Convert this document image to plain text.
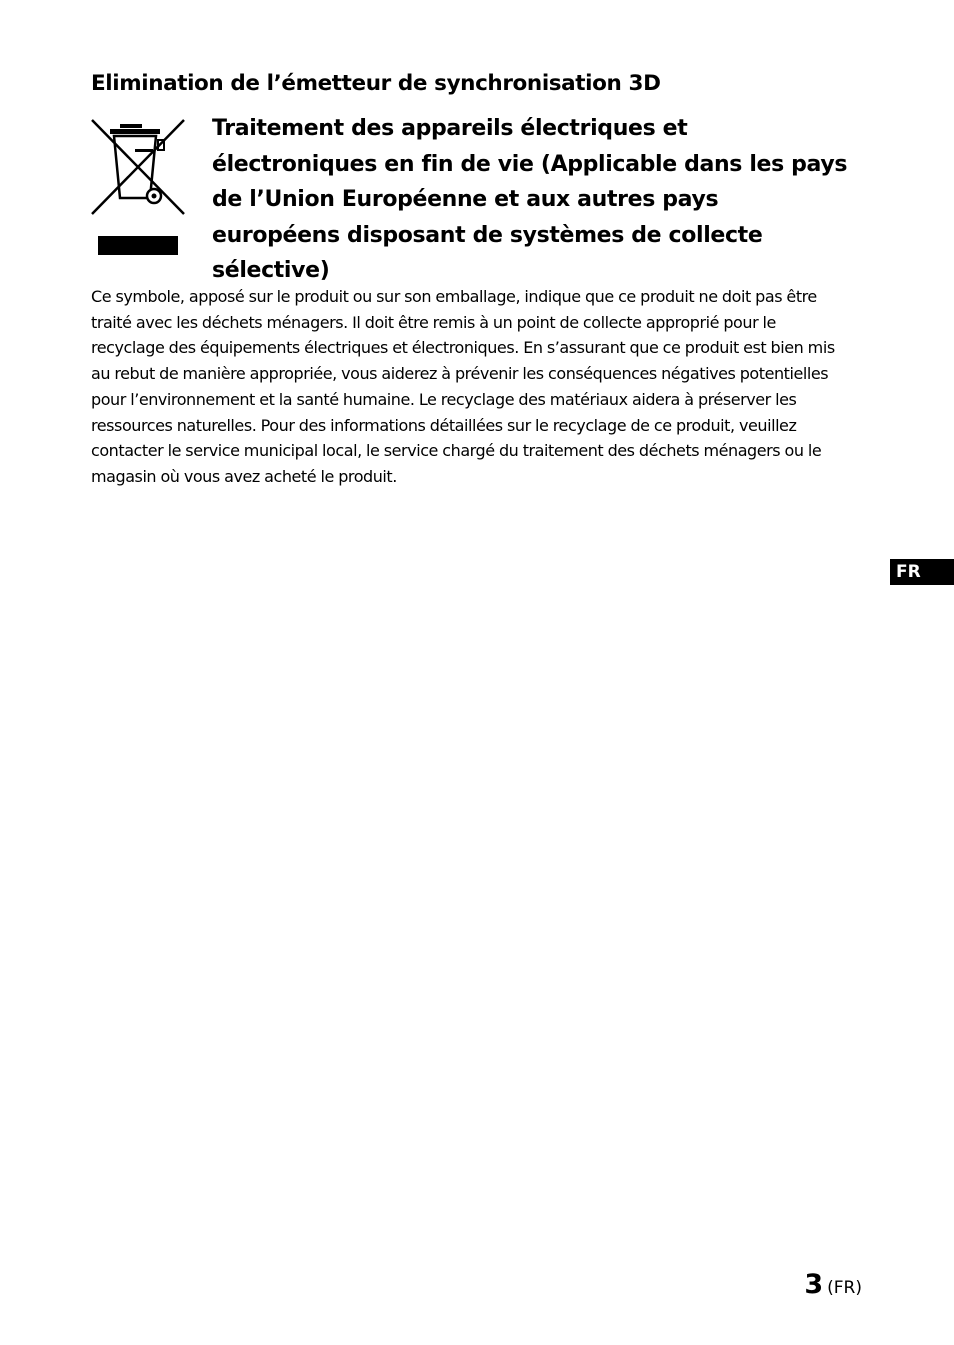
Elimination de l’émetteur de synchronisation 3D
Traitement des appareils électriques et électroniques en fin de vie (Applicable dans les pays de l’Union Européenne et aux autres pays européens disposant de systèmes de collecte sélective)

Ce symbole, apposé sur le produit ou sur son emballage, indique que ce produit ne doit pas être traité avec les déchets ménagers. Il doit être remis à un point de collecte approprié pour le recyclage des équipements électriques et électroniques. En s’assurant que ce produit est bien mis au rebut de manière appropriée, vous aiderez à prévenir les conséquences négatives potentielles pour l’environnement et la santé humaine. Le recyclage des matériaux aidera à préserver les ressources naturelles. Pour des informations détaillées sur le recyclage de ce produit, veuillez contacter le service municipal local, le service chargé du traitement des déchets ménagers ou le magasin où vous avez acheté le produit.

FR
3 (FR)
